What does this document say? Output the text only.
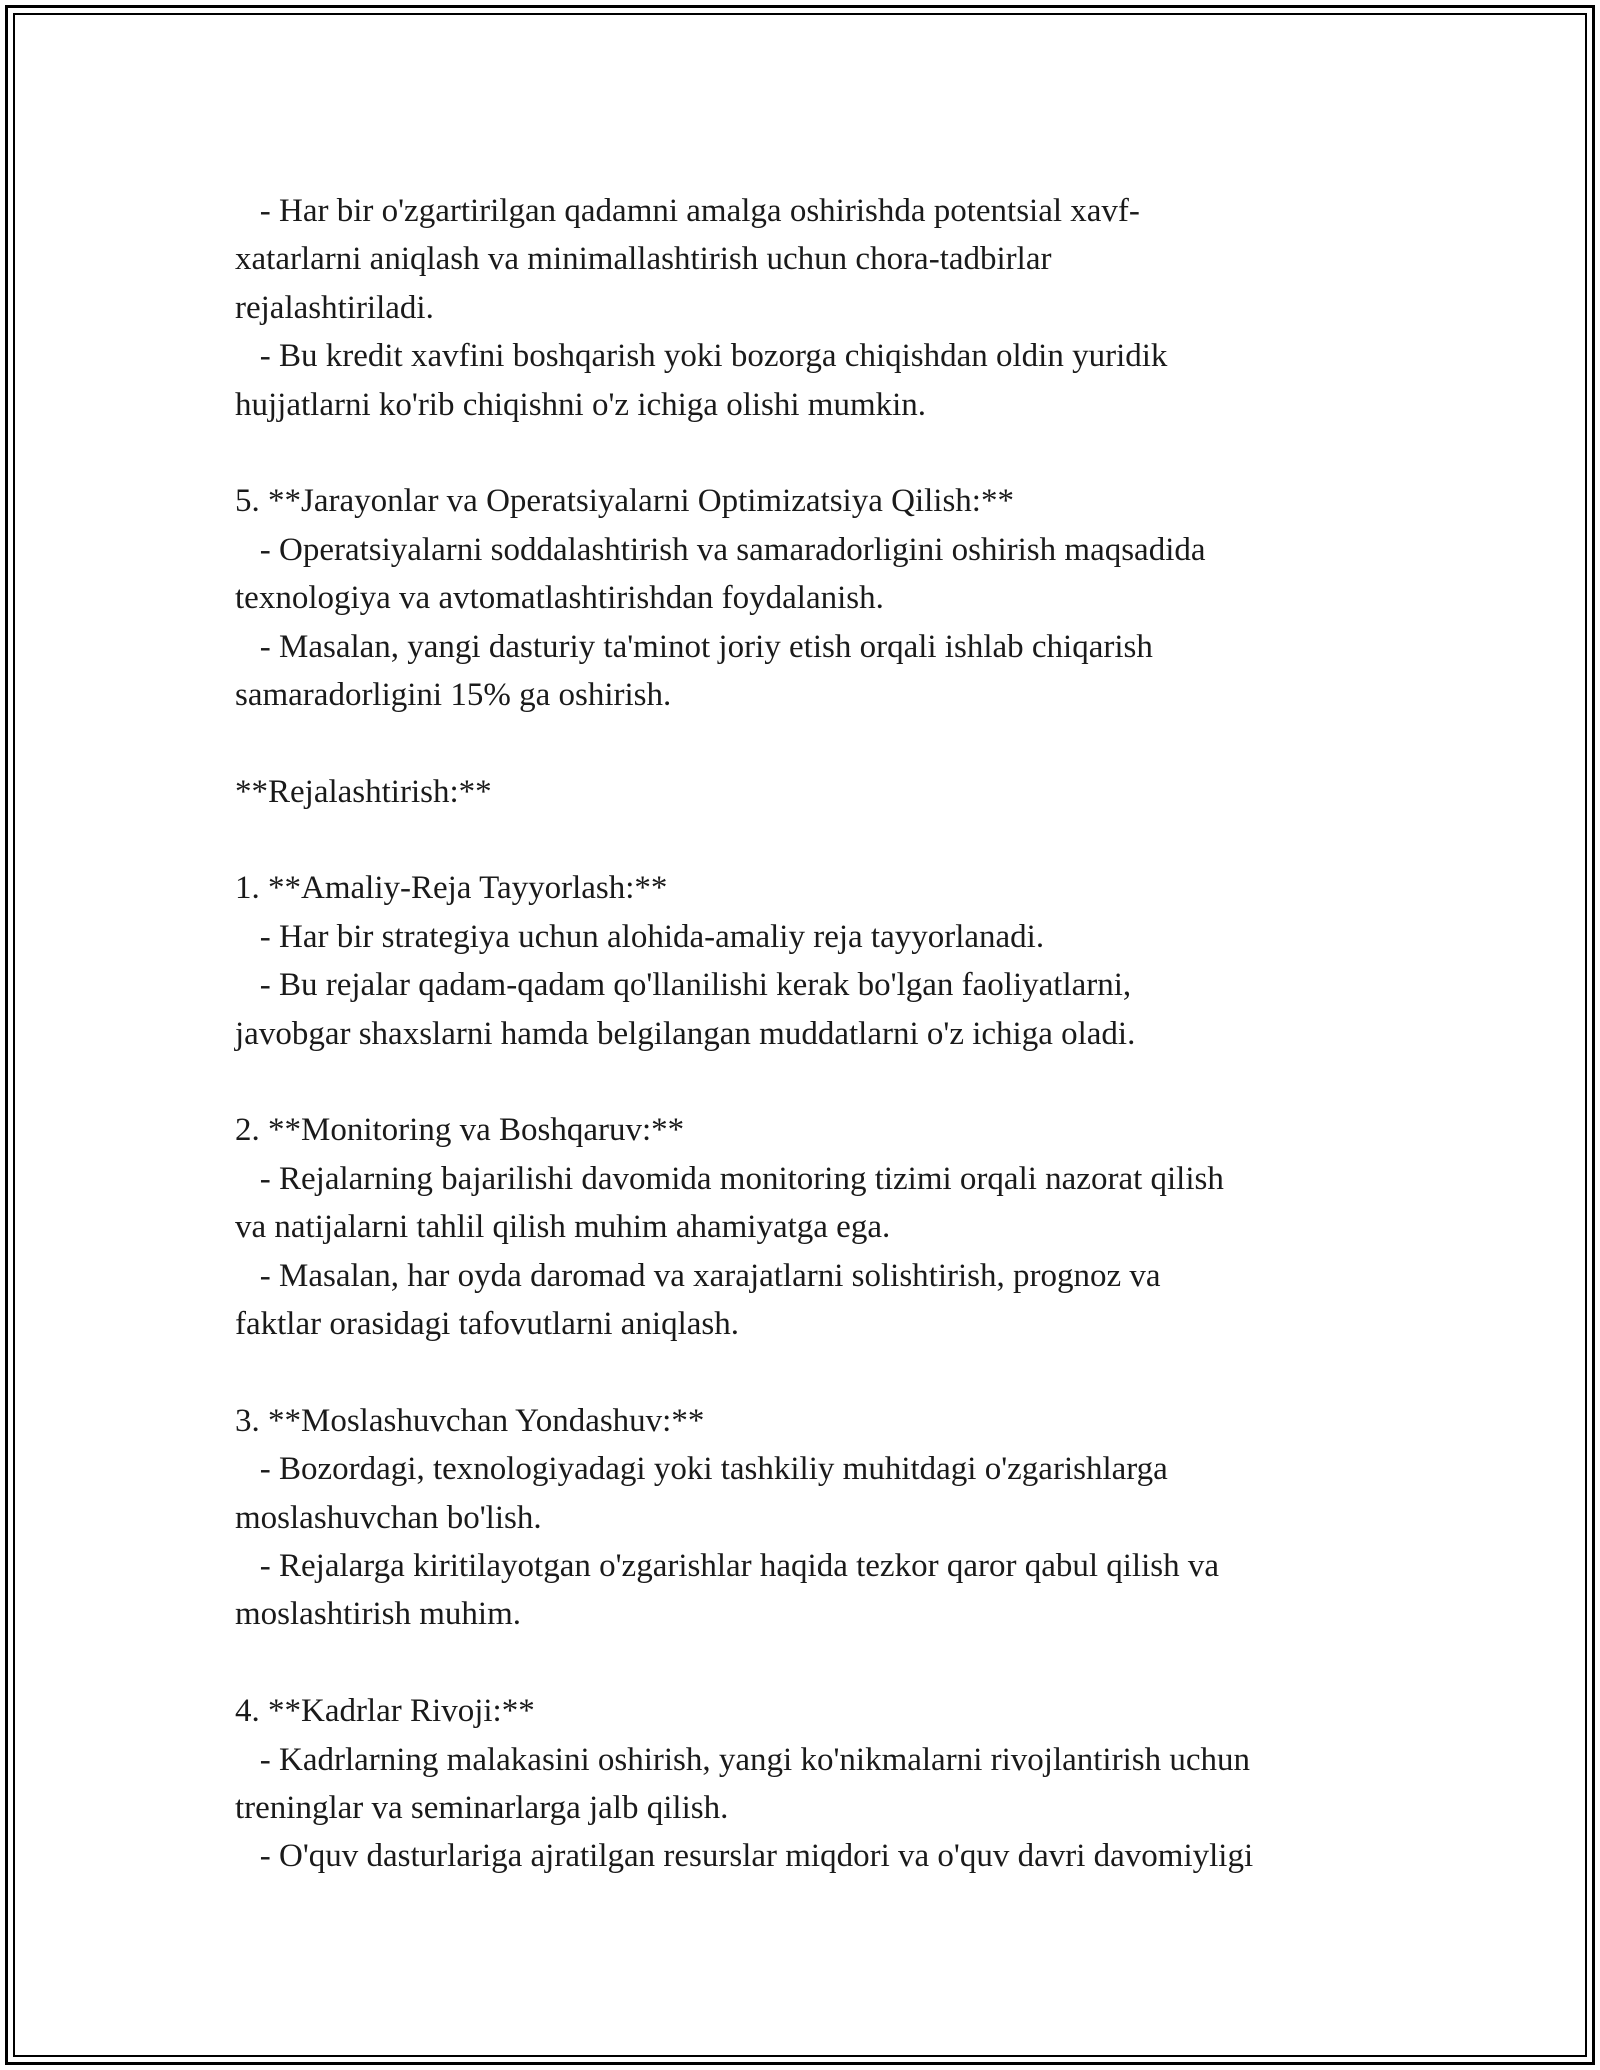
- Har bir o'zgartirilgan qadamni amalga oshirishda potentsial xavf-
xatarlarni aniqlash va minimallashtirish uchun chora-tadbirlar
rejalashtiriladi.
- Bu kredit xavfini boshqarish yoki bozorga chiqishdan oldin yuridik
hujjatlarni ko'rib chiqishni o'z ichiga olishi mumkin.
5. **Jarayonlar va Operatsiyalarni Optimizatsiya Qilish:**
- Operatsiyalarni soddalashtirish va samaradorligini oshirish maqsadida
texnologiya va avtomatlashtirishdan foydalanish.
- Masalan, yangi dasturiy ta'minot joriy etish orqali ishlab chiqarish
samaradorligini 15% ga oshirish.
**Rejalashtirish:**
1. **Amaliy-Reja Tayyorlash:**
- Har bir strategiya uchun alohida-amaliy reja tayyorlanadi.
- Bu rejalar qadam-qadam qo'llanilishi kerak bo'lgan faoliyatlarni,
javobgar shaxslarni hamda belgilangan muddatlarni o'z ichiga oladi.
2. **Monitoring va Boshqaruv:**
- Rejalarning bajarilishi davomida monitoring tizimi orqali nazorat qilish
va natijalarni tahlil qilish muhim ahamiyatga ega.
- Masalan, har oyda daromad va xarajatlarni solishtirish, prognoz va
faktlar orasidagi tafovutlarni aniqlash.
3. **Moslashuvchan Yondashuv:**
- Bozordagi, texnologiyadagi yoki tashkiliy muhitdagi o'zgarishlarga
moslashuvchan bo'lish.
- Rejalarga kiritilayotgan o'zgarishlar haqida tezkor qaror qabul qilish va
moslashtirish muhim.
4. **Kadrlar Rivoji:**
- Kadrlarning malakasini oshirish, yangi ko'nikmalarni rivojlantirish uchun
treninglar va seminarlarga jalb qilish.
- O'quv dasturlariga ajratilgan resurslar miqdori va o'quv davri davomiyligi
